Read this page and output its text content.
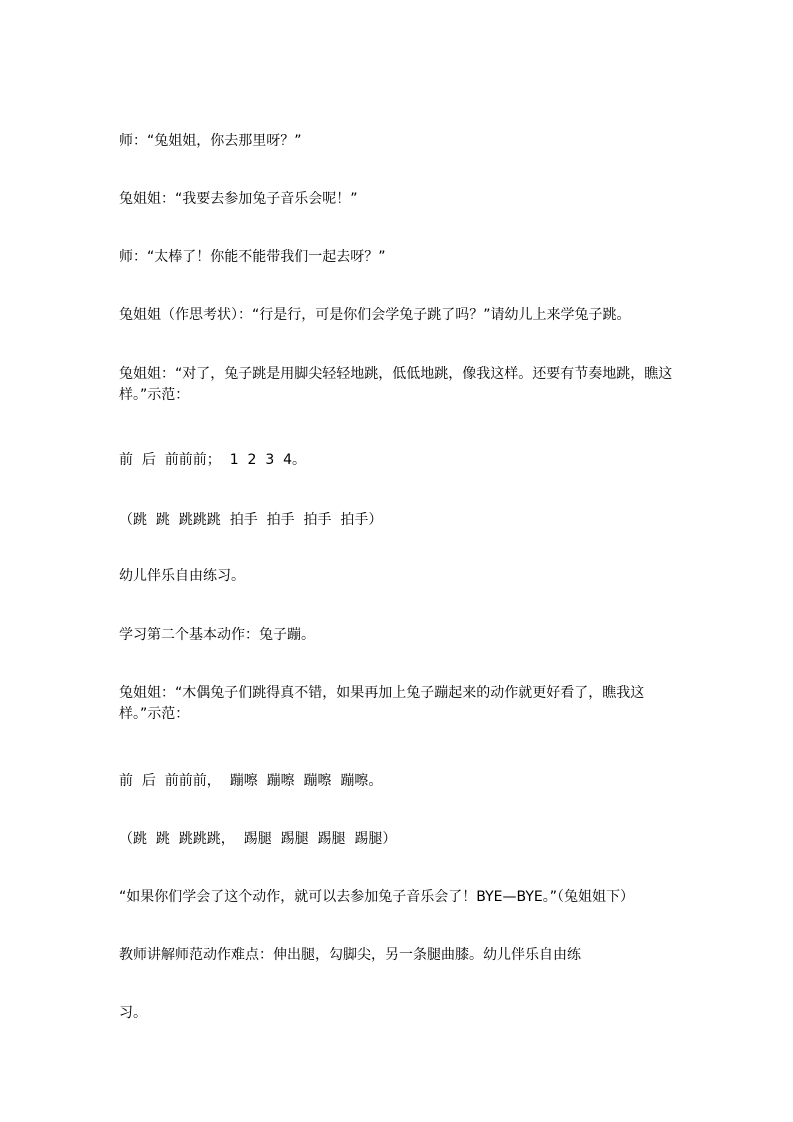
师：“兔姐姐，你去那里呀？”

兔姐姐：“我要去参加兔子音乐会呢！”

师：“太棒了！你能不能带我们一起去呀？”

兔姐姐（作思考状）：“行是行，可是你们会学兔子跳了吗？”请幼儿上来学兔子跳。

兔姐姐：“对了，兔子跳是用脚尖轻轻地跳，低低地跳，像我这样。还要有节奏地跳，瞧这样。”示范：

前  后  前前前；  1  2  3  4。

（跳  跳  跳跳跳  拍手  拍手  拍手  拍手）

幼儿伴乐自由练习。

学习第二个基本动作：兔子蹦。

兔姐姐：“木偶兔子们跳得真不错，如果再加上兔子蹦起来的动作就更好看了，瞧我这样。”示范：

前  后  前前前，  蹦嚓  蹦嚓  蹦嚓  蹦嚓。

（跳  跳  跳跳跳，  踢腿  踢腿  踢腿  踢腿）

“如果你们学会了这个动作，就可以去参加兔子音乐会了！BYE—BYE。”（兔姐姐下）

教师讲解师范动作难点：伸出腿，勾脚尖，另一条腿曲膝。幼儿伴乐自由练

习。
